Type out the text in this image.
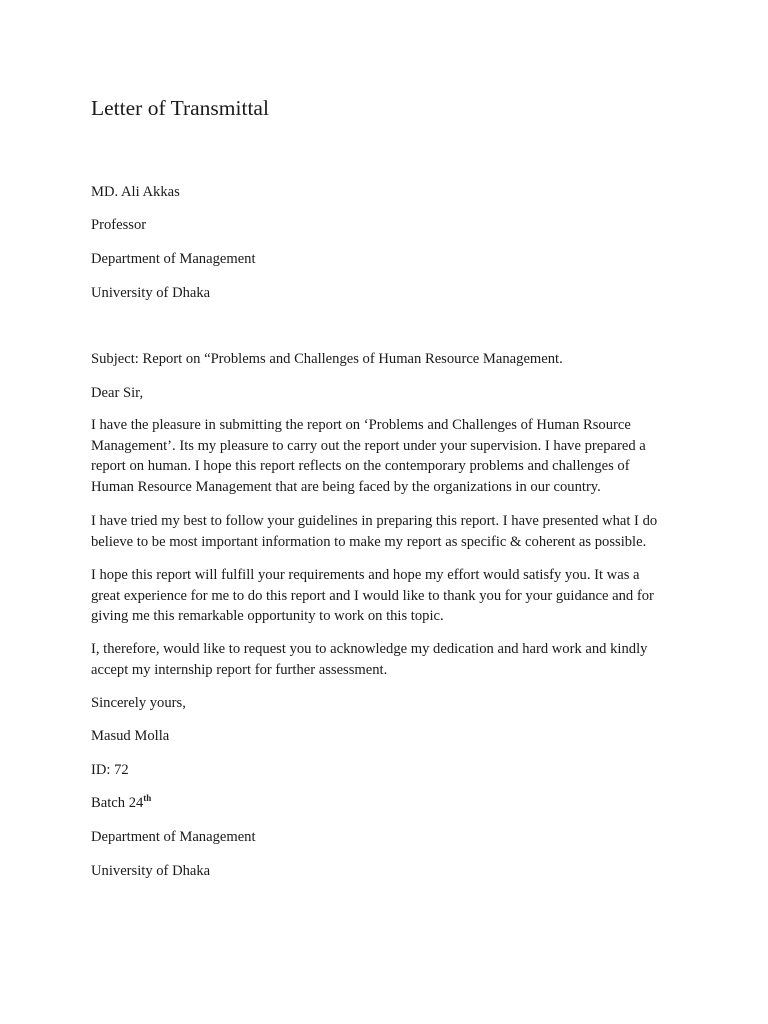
Letter of Transmittal

MD. Ali Akkas

Professor

Department of Management

University of Dhaka

Subject: Report on “Problems and Challenges of Human Resource Management.

Dear Sir,

I have the pleasure in submitting the report on ‘Problems and Challenges of Human Rsource
Management’. Its my pleasure to carry out the report under your supervision. I have prepared a
report on human. I hope this report reflects on the contemporary problems and challenges of
Human Resource Management that are being faced by the organizations in our country.
I have tried my best to follow your guidelines in preparing this report. I have presented what I do
believe to be most important information to make my report as specific & coherent as possible.
I hope this report will fulfill your requirements and hope my effort would satisfy you. It was a
great experience for me to do this report and I would like to thank you for your guidance and for
giving me this remarkable opportunity to work on this topic.
I, therefore, would like to request you to acknowledge my dedication and hard work and kindly
accept my internship report for further assessment.

Sincerely yours,

Masud Molla

ID: 72

Batch 24th

Department of Management

University of Dhaka
